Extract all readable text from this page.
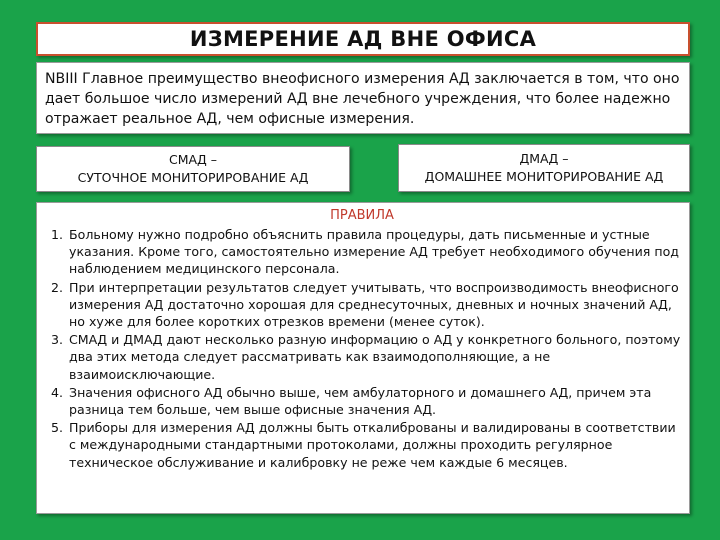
ИЗМЕРЕНИЕ АД ВНЕ ОФИСА
NBIII Главное преимущество внеофисного измерения АД заключается в том, что оно дает большое число измерений АД вне лечебного учреждения, что более надежно отражает реальное АД, чем офисные измерения.
СМАД –
СУТОЧНОЕ МОНИТОРИРОВАНИЕ АД
ДМАД –
ДОМАШНЕЕ МОНИТОРИРОВАНИЕ АД
ПРАВИЛА
1. Больному нужно подробно объяснить правила процедуры, дать письменные и устные указания. Кроме того, самостоятельно измерение АД требует необходимого обучения под наблюдением медицинского персонала.
2. При интерпретации результатов следует учитывать, что воспроизводимость внеофисного измерения АД достаточно хорошая для среднесуточных, дневных и ночных значений АД, но хуже для более коротких отрезков времени (менее суток).
3. СМАД и ДМАД дают несколько разную информацию о АД у конкретного больного, поэтому два этих метода следует рассматривать как взаимодополняющие, а не взаимоисключающие.
4. Значения офисного АД обычно выше, чем амбулаторного и домашнего АД, причем эта разница тем больше, чем выше офисные значения АД.
5. Приборы для измерения АД должны быть откалиброваны и валидированы в соответствии с международными стандартными протоколами, должны проходить регулярное техническое обслуживание и калибровку не реже чем каждые 6 месяцев.
